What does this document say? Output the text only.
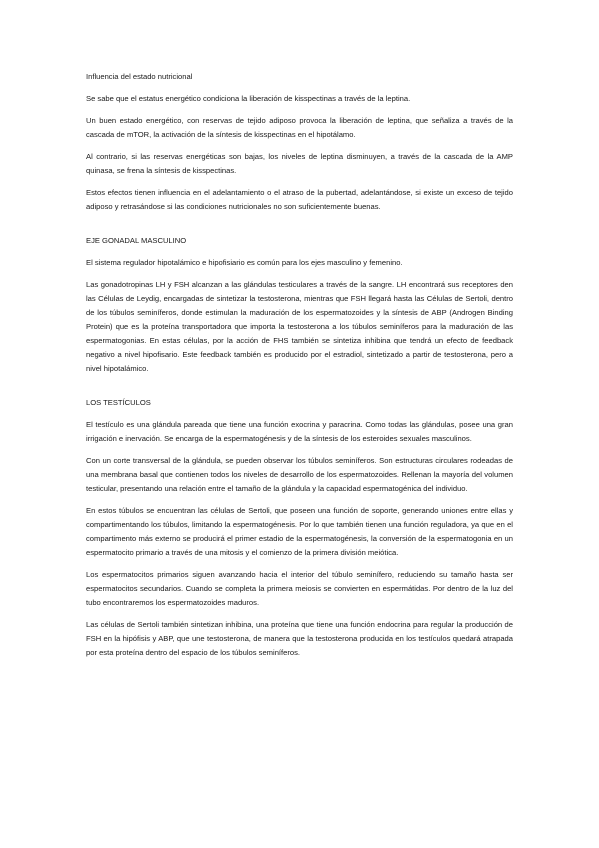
Influencia del estado nutricional

Se sabe que el estatus energético condiciona la liberación de kisspectinas a través de la leptina.

Un buen estado energético, con reservas de tejido adiposo provoca la liberación de leptina, que señaliza a través de la cascada de mTOR, la activación de la síntesis de kisspectinas en el hipotálamo.

Al contrario, si las reservas energéticas son bajas, los niveles de leptina disminuyen, a través de la cascada de la AMP quinasa, se frena la síntesis de kisspectinas.

Estos efectos tienen influencia en el adelantamiento o el atraso de la pubertad, adelantándose, si existe un exceso de tejido adiposo y retrasándose si las condiciones nutricionales no son suficientemente buenas.

EJE GONADAL MASCULINO

El sistema regulador hipotalámico e hipofisiario es común para los ejes masculino y femenino.

Las gonadotropinas LH y FSH alcanzan a las glándulas testiculares a través de la sangre. LH encontrará sus receptores den las Células de Leydig, encargadas de sintetizar la testosterona, mientras que FSH llegará hasta las Células de Sertoli, dentro de los túbulos seminíferos, donde estimulan la maduración de los espermatozoides y la síntesis de ABP (Androgen Binding Protein) que es la proteína transportadora que importa la testosterona a los túbulos seminíferos para la maduración de las espermatogonias. En estas células, por la acción de FHS también se sintetiza inhibina que tendrá un efecto de feedback negativo a nivel hipofisario. Este feedback también es producido por el estradiol, sintetizado a partir de testosterona, pero a nivel hipotalámico.

LOS TESTÍCULOS

El testículo es una glándula pareada que tiene una función exocrina y paracrina. Como todas las glándulas, posee una gran irrigación e inervación. Se encarga de la espermatogénesis y de la síntesis de los esteroides sexuales masculinos.

Con un corte transversal de la glándula, se pueden observar los túbulos seminíferos. Son estructuras circulares rodeadas de una membrana basal que contienen todos los niveles de desarrollo de los espermatozoides. Rellenan la mayoría del volumen testicular, presentando una relación entre el tamaño de la glándula y la capacidad espermatogénica del individuo.

En estos túbulos se encuentran las células de Sertoli, que poseen una función de soporte, generando uniones entre ellas y compartimentando los túbulos, limitando la espermatogénesis. Por lo que también tienen una función reguladora, ya que en el compartimento más externo se producirá el primer estadio de la espermatogénesis, la conversión de la espermatogonia en un espermatocito primario a través de una mitosis y el comienzo de la primera división meiótica.

Los espermatocitos primarios siguen avanzando hacia el interior del túbulo seminífero, reduciendo su tamaño hasta ser espermatocitos secundarios. Cuando se completa la primera meiosis se convierten en espermátidas. Por dentro de la luz del tubo encontraremos los espermatozoides maduros.

Las células de Sertoli también sintetizan inhibina, una proteína que tiene una función endocrina para regular la producción de FSH en la hipófisis y ABP, que une testosterona, de manera que la testosterona producida en los testículos quedará atrapada por esta proteína dentro del espacio de los túbulos seminíferos.
